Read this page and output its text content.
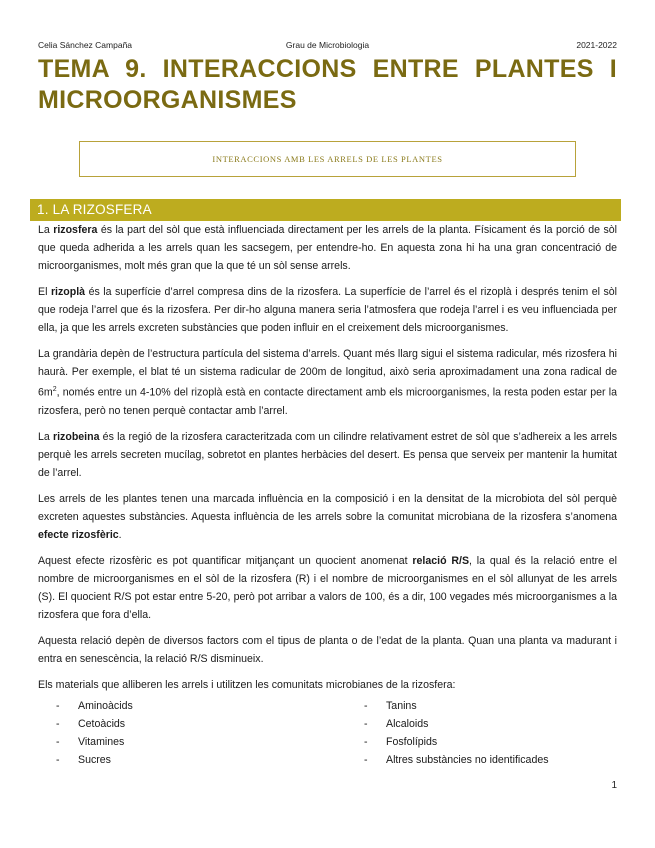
Celia Sánchez Campaña	Grau de Microbiologia	2021-2022
TEMA 9. INTERACCIONS ENTRE PLANTES I MICROORGANISMES
INTERACCIONS AMB LES ARRELS DE LES PLANTES
1. LA RIZOSFERA

La rizosfera és la part del sòl que està influenciada directament per les arrels de la planta. Físicament és la porció de sòl que queda adherida a les arrels quan les sacsegem, per entendre-ho. En aquesta zona hi ha una gran concentració de microorganismes, molt més gran que la que té un sòl sense arrels.

El rizoplà és la superfície d’arrel compresa dins de la rizosfera. La superfície de l’arrel és el rizoplà i després tenim el sòl que rodeja l’arrel que és la rizosfera. Per dir-ho alguna manera seria l’atmosfera que rodeja l’arrel i es veu influenciada per ella, ja que les arrels excreten substàncies que poden influir en el creixement dels microorganismes.

La grandària depèn de l’estructura partícula del sistema d’arrels. Quant més llarg sigui el sistema radicular, més rizosfera hi haurà. Per exemple, el blat té un sistema radicular de 200m de longitud, això seria aproximadament una zona radical de $6m^2$, només entre un 4-10% del rizoplà està en contacte directament amb els microorganismes, la resta poden estar per la rizosfera, però no tenen perquè contactar amb l’arrel.

La rizobeina és la regió de la rizosfera caracteritzada com un cilindre relativament estret de sòl que s’adhereix a les arrels perquè les arrels secreten mucílag, sobretot en plantes herbàcies del desert. Es pensa que serveix per mantenir la humitat de l’arrel.

Les arrels de les plantes tenen una marcada influència en la composició i en la densitat de la microbiota del sòl perquè excreten aquestes substàncies. Aquesta influència de les arrels sobre la comunitat microbiana de la rizosfera s’anomena efecte rizosfèric.

Aquest efecte rizosfèric es pot quantificar mitjançant un quocient anomenat relació R/S, la qual és la relació entre el nombre de microorganismes en el sòl de la rizosfera (R) i el nombre de microorganismes en el sòl allunyat de les arrels (S). El quocient R/S pot estar entre 5-20, però pot arribar a valors de 100, és a dir, 100 vegades més microorganismes a la rizosfera que fora d’ella.

Aquesta relació depèn de diversos factors com el tipus de planta o de l’edat de la planta. Quan una planta va madurant i entra en senescència, la relació R/S disminueix.

Els materials que alliberen les arrels i utilitzen les comunitats microbianes de la rizosfera:

- Aminoàcids
- Cetoàcids
- Vitamines
- Sucres
- Tanins
- Alcaloids
- Fosfolípids
- Altres substàncies no identificades
1
